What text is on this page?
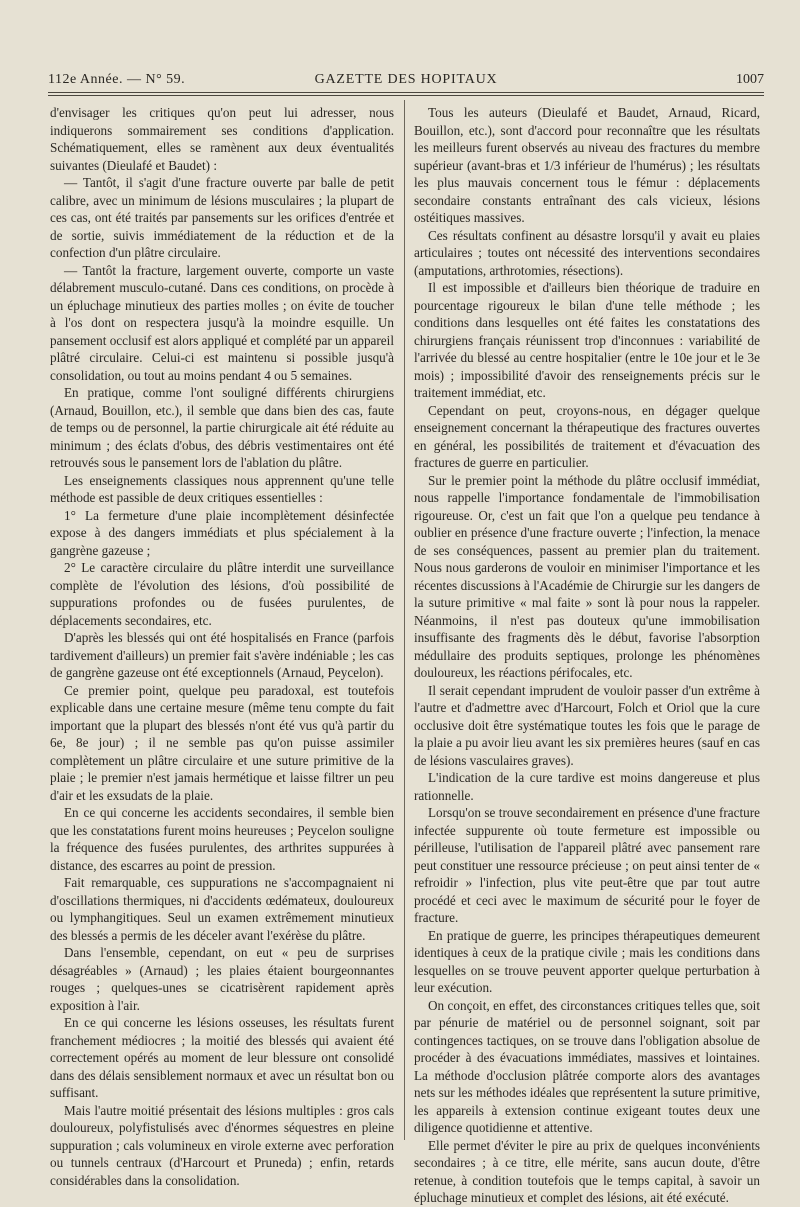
112e Année. — N° 59.	GAZETTE DES HOPITAUX	1007

d'envisager les critiques qu'on peut lui adresser, nous indiquerons sommairement ses conditions d'application. Schématiquement, elles se ramènent aux deux éventualités suivantes (Dieulafé et Baudet) :

— Tantôt, il s'agit d'une fracture ouverte par balle de petit calibre, avec un minimum de lésions musculaires ; la plupart de ces cas, ont été traités par pansements sur les orifices d'entrée et de sortie, suivis immédiatement de la réduction et de la confection d'un plâtre circulaire.

— Tantôt la fracture, largement ouverte, comporte un vaste délabrement musculo-cutané. Dans ces conditions, on procède à un épluchage minutieux des parties molles ; on évite de toucher à l'os dont on respectera jusqu'à la moindre esquille. Un pansement occlusif est alors appliqué et complété par un appareil plâtré circulaire. Celui-ci est maintenu si possible jusqu'à consolidation, ou tout au moins pendant 4 ou 5 semaines.

En pratique, comme l'ont souligné différents chirurgiens (Arnaud, Bouillon, etc.), il semble que dans bien des cas, faute de temps ou de personnel, la partie chirurgicale ait été réduite au minimum ; des éclats d'obus, des débris vestimentaires ont été retrouvés sous le pansement lors de l'ablation du plâtre.

Les enseignements classiques nous apprennent qu'une telle méthode est passible de deux critiques essentielles :

1° La fermeture d'une plaie incomplètement désinfectée expose à des dangers immédiats et plus spécialement à la gangrène gazeuse ;

2° Le caractère circulaire du plâtre interdit une surveillance complète de l'évolution des lésions, d'où possibilité de suppurations profondes ou de fusées purulentes, de déplacements secondaires, etc.

D'après les blessés qui ont été hospitalisés en France (parfois tardivement d'ailleurs) un premier fait s'avère indéniable ; les cas de gangrène gazeuse ont été exceptionnels (Arnaud, Peycelon).

Ce premier point, quelque peu paradoxal, est toutefois explicable dans une certaine mesure (même tenu compte du fait important que la plupart des blessés n'ont été vus qu'à partir du 6e, 8e jour) ; il ne semble pas qu'on puisse assimiler complètement un plâtre circulaire et une suture primitive de la plaie ; le premier n'est jamais hermétique et laisse filtrer un peu d'air et les exsudats de la plaie.

En ce qui concerne les accidents secondaires, il semble bien que les constatations furent moins heureuses ; Peycelon souligne la fréquence des fusées purulentes, des arthrites suppurées à distance, des escarres au point de pression.

Fait remarquable, ces suppurations ne s'accompagnaient ni d'oscillations thermiques, ni d'accidents œdémateux, douloureux ou lymphangitiques. Seul un examen extrêmement minutieux des blessés a permis de les déceler avant l'exérèse du plâtre.

Dans l'ensemble, cependant, on eut « peu de surprises désagréables » (Arnaud) ; les plaies étaient bourgeonnantes rouges ; quelques-unes se cicatrisèrent rapidement après exposition à l'air.

En ce qui concerne les lésions osseuses, les résultats furent franchement médiocres ; la moitié des blessés qui avaient été correctement opérés au moment de leur blessure ont consolidé dans des délais sensiblement normaux et avec un résultat bon ou suffisant.

Mais l'autre moitié présentait des lésions multiples : gros cals douloureux, polyfistulisés avec d'énormes séquestres en pleine suppuration ; cals volumineux en virole externe avec perforation ou tunnels centraux (d'Harcourt et Pruneda) ; enfin, retards considérables dans la consolidation.

Tous les auteurs (Dieulafé et Baudet, Arnaud, Ricard, Bouillon, etc.), sont d'accord pour reconnaître que les résultats les meilleurs furent observés au niveau des fractures du membre supérieur (avant-bras et 1/3 inférieur de l'humérus) ; les résultats les plus mauvais concernent tous le fémur : déplacements secondaire constants entraînant des cals vicieux, lésions ostéitiques massives.

Ces résultats confinent au désastre lorsqu'il y avait eu plaies articulaires ; toutes ont nécessité des interventions secondaires (amputations, arthrotomies, résections).

Il est impossible et d'ailleurs bien théorique de traduire en pourcentage rigoureux le bilan d'une telle méthode ; les conditions dans lesquelles ont été faites les constatations des chirurgiens français réunissent trop d'inconnues : variabilité de l'arrivée du blessé au centre hospitalier (entre le 10e jour et le 3e mois) ; impossibilité d'avoir des renseignements précis sur le traitement immédiat, etc.

Cependant on peut, croyons-nous, en dégager quelque enseignement concernant la thérapeutique des fractures ouvertes en général, les possibilités de traitement et d'évacuation des fractures de guerre en particulier.

Sur le premier point la méthode du plâtre occlusif immédiat, nous rappelle l'importance fondamentale de l'immobilisation rigoureuse. Or, c'est un fait que l'on a quelque peu tendance à oublier en présence d'une fracture ouverte ; l'infection, la menace de ses conséquences, passent au premier plan du traitement. Nous nous garderons de vouloir en minimiser l'importance et les récentes discussions à l'Académie de Chirurgie sur les dangers de la suture primitive « mal faite » sont là pour nous la rappeler. Néanmoins, il n'est pas douteux qu'une immobilisation insuffisante des fragments dès le début, favorise l'absorption médullaire des produits septiques, prolonge les phénomènes douloureux, les réactions périfocales, etc.

Il serait cependant imprudent de vouloir passer d'un extrême à l'autre et d'admettre avec d'Harcourt, Folch et Oriol que la cure occlusive doit être systématique toutes les fois que le parage de la plaie a pu avoir lieu avant les six premières heures (sauf en cas de lésions vasculaires graves).

L'indication de la cure tardive est moins dangereuse et plus rationnelle.

Lorsqu'on se trouve secondairement en présence d'une fracture infectée suppurente où toute fermeture est impossible ou périlleuse, l'utilisation de l'appareil plâtré avec pansement rare peut constituer une ressource précieuse ; on peut ainsi tenter de « refroidir » l'infection, plus vite peut-être que par tout autre procédé et ceci avec le maximum de sécurité pour le foyer de fracture.

En pratique de guerre, les principes thérapeutiques demeurent identiques à ceux de la pratique civile ; mais les conditions dans lesquelles on se trouve peuvent apporter quelque perturbation à leur exécution.

On conçoit, en effet, des circonstances critiques telles que, soit par pénurie de matériel ou de personnel soignant, soit par contingences tactiques, on se trouve dans l'obligation absolue de procéder à des évacuations immédiates, massives et lointaines. La méthode d'occlusion plâtrée comporte alors des avantages nets sur les méthodes idéales que représentent la suture primitive, les appareils à extension continue exigeant toutes deux une diligence quotidienne et attentive.

Elle permet d'éviter le pire au prix de quelques inconvénients secondaires ; à ce titre, elle mérite, sans aucun doute, d'être retenue, à condition toutefois que le temps capital, à savoir un épluchage minutieux et complet des lésions, ait été exécuté.
